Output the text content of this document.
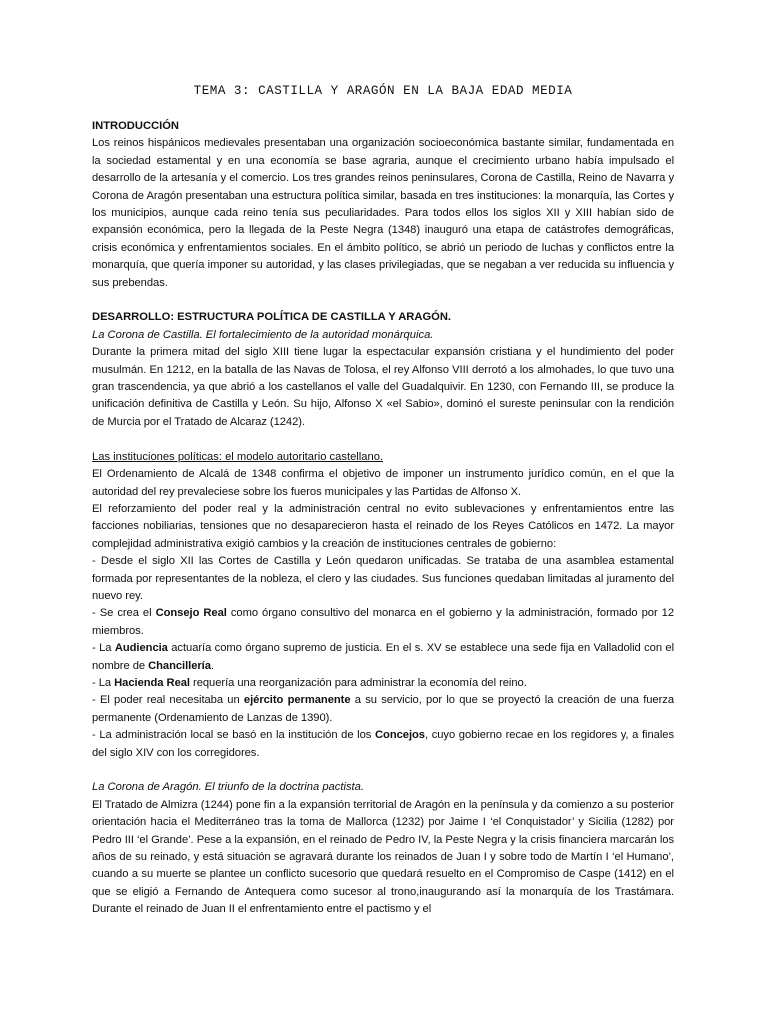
TEMA 3: CASTILLA Y ARAGÓN EN LA BAJA EDAD MEDIA
INTRODUCCIÓN

Los reinos hispánicos medievales presentaban una organización socioeconómica bastante similar, fundamentada en la sociedad estamental y en una economía se base agraria, aunque el crecimiento urbano había impulsado el desarrollo de la artesanía y el comercio. Los tres grandes reinos peninsulares, Corona de Castilla, Reino de Navarra y Corona de Aragón presentaban una estructura política similar, basada en tres instituciones: la monarquía, las Cortes y los municipios, aunque cada reino tenía sus peculiaridades. Para todos ellos los siglos XII y XIII habían sido de expansión económica, pero la llegada de la Peste Negra (1348) inauguró una etapa de catástrofes demográficas, crisis económica y enfrentamientos sociales. En el ámbito político, se abrió un periodo de luchas y conflictos entre la monarquía, que quería imponer su autoridad, y las clases privilegiadas, que se negaban a ver reducida su influencia y sus prebendas.

DESARROLLO: ESTRUCTURA POLÍTICA DE CASTILLA Y ARAGÓN.
La Corona de Castilla. El fortalecimiento de la autoridad monárquica.

Durante la primera mitad del siglo XIII tiene lugar la espectacular expansión cristiana y el hundimiento del poder musulmán. En 1212, en la batalla de las Navas de Tolosa, el rey Alfonso VIII derrotó a los almohades, lo que tuvo una gran trascendencia, ya que abrió a los castellanos el valle del Guadalquivir. En 1230, con Fernando III, se produce la unificación definitiva de Castilla y León. Su hijo, Alfonso X «el Sabio», dominó el sureste peninsular con la rendición de Murcia por el Tratado de Alcaraz (1242).

Las instituciones políticas: el modelo autoritario castellano.

El Ordenamiento de Alcalá de 1348 confirma el objetivo de imponer un instrumento jurídico común, en el que la autoridad del rey prevaleciese sobre los fueros municipales y las Partidas de Alfonso X.

El reforzamiento del poder real y la administración central no evito sublevaciones y enfrentamientos entre las facciones nobiliarias, tensiones que no desaparecieron hasta el reinado de los Reyes Católicos en 1472. La mayor complejidad administrativa exigió cambios y la creación de instituciones centrales de gobierno:

- Desde el siglo XII las Cortes de Castilla y León quedaron unificadas. Se trataba de una asamblea estamental formada por representantes de la nobleza, el clero y las ciudades. Sus funciones quedaban limitadas al juramento del nuevo rey.

- Se crea el Consejo Real como órgano consultivo del monarca en el gobierno y la administración, formado por 12 miembros.

- La Audiencia actuaría como órgano supremo de justicia. En el s. XV se establece una sede fija en Valladolid con el nombre de Chancillería.

- La Hacienda Real requería una reorganización para administrar la economía del reino.

- El poder real necesitaba un ejército permanente a su servicio, por lo que se proyectó la creación de una fuerza permanente (Ordenamiento de Lanzas de 1390).

- La administración local se basó en la institución de los Concejos, cuyo gobierno recae en los regidores y, a finales del siglo XIV con los corregidores.

La Corona de Aragón. El triunfo de la doctrina pactista.

El Tratado de Almizra (1244) pone fin a la expansión territorial de Aragón en la península y da comienzo a su posterior orientación hacia el Mediterráneo tras la toma de Mallorca (1232) por Jaime I ‘el Conquistador’ y Sicilia (1282) por Pedro III ‘el Grande’. Pese a la expansión, en el reinado de Pedro IV, la Peste Negra y la crisis financiera marcarán los años de su reinado, y está situación se agravará durante los reinados de Juan I y sobre todo de Martín I ‘el Humano’, cuando a su muerte se plantee un conflicto sucesorio que quedará resuelto en el Compromiso de Caspe (1412) en el que se eligió a Fernando de Antequera como sucesor al trono,inaugurando así la monarquía de los Trastámara. Durante el reinado de Juan II el enfrentamiento entre el pactismo y el
